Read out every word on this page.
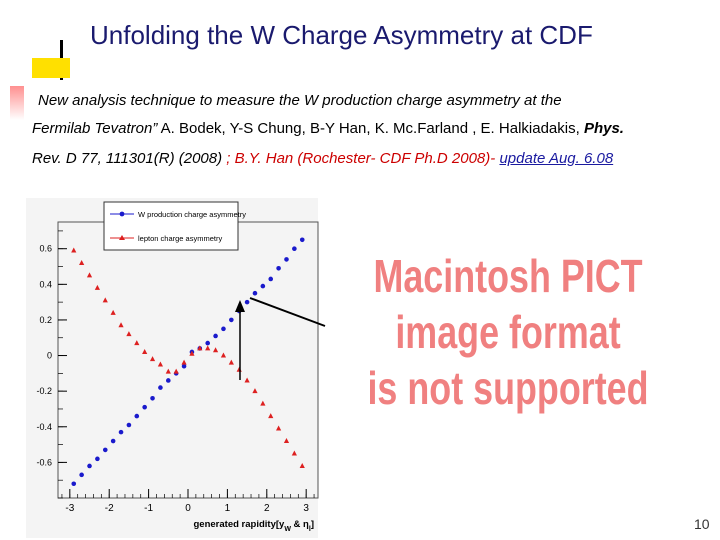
Unfolding the W Charge Asymmetry at CDF
New analysis technique to measure the W production charge asymmetry at the
Fermilab Tevatron” A. Bodek, Y-S Chung, B-Y Han, K. Mc.Farland , E. Halkiadakis, Phys.
Rev. D 77, 111301(R) (2008) ; B.Y. Han (Rochester- CDF Ph.D 2008)- update Aug. 6.08
-0.6
-0.4
-0.2
0
0.2
0.4
0.6
-3	-2	-1	0	1	2	3
generated $rapidity[y_W$ & $\eta_l$]
W production charge asymmetry
lepton charge asymmetry
Macintosh PICT
image format
is not supported
10
